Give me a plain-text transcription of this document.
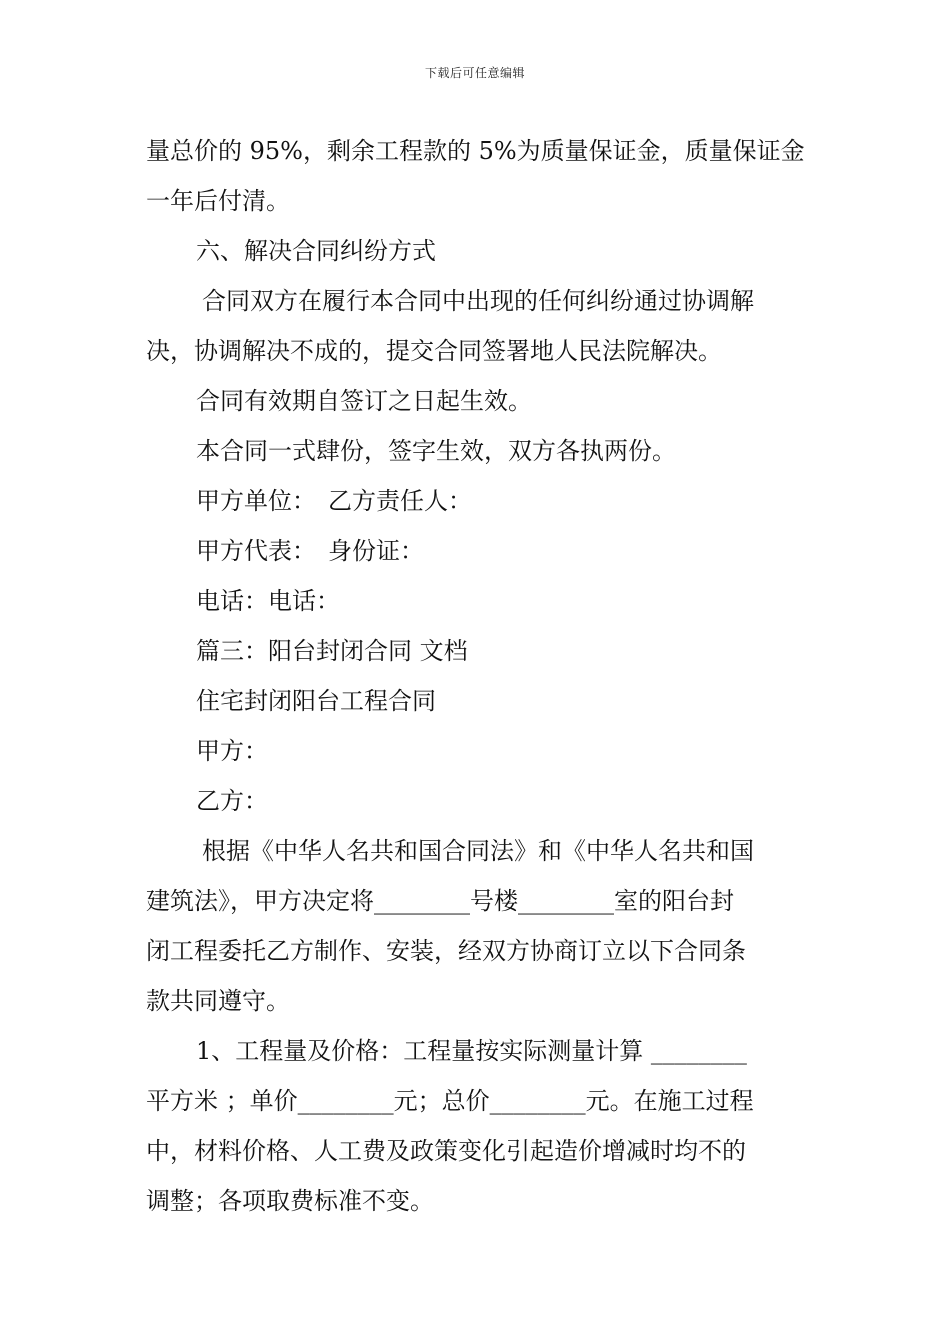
下载后可任意编辑
量总价的 95%，剩余工程款的 5%为质量保证金，质量保证金
一年后付清。
六、解决合同纠纷方式
合同双方在履行本合同中出现的任何纠纷通过协调解
决，协调解决不成的，提交合同签署地人民法院解决。
合同有效期自签订之日起生效。
本合同一式肆份，签字生效，双方各执两份。
甲方单位：　乙方责任人：
甲方代表：　身份证：
电话：电话：
篇三：阳台封闭合同 文档
住宅封闭阳台工程合同
甲方：
乙方：
根据《中华人名共和国合同法》和《中华人名共和国
建筑法》，甲方决定将________号楼________室的阳台封
闭工程委托乙方制作、安装，经双方协商订立以下合同条
款共同遵守。
1、工程量及价格：工程量按实际测量计算 ________
平方米 ；单价________元；总价________元。在施工过程
中，材料价格、人工费及政策变化引起造价增减时均不的
调整；各项取费标准不变。
